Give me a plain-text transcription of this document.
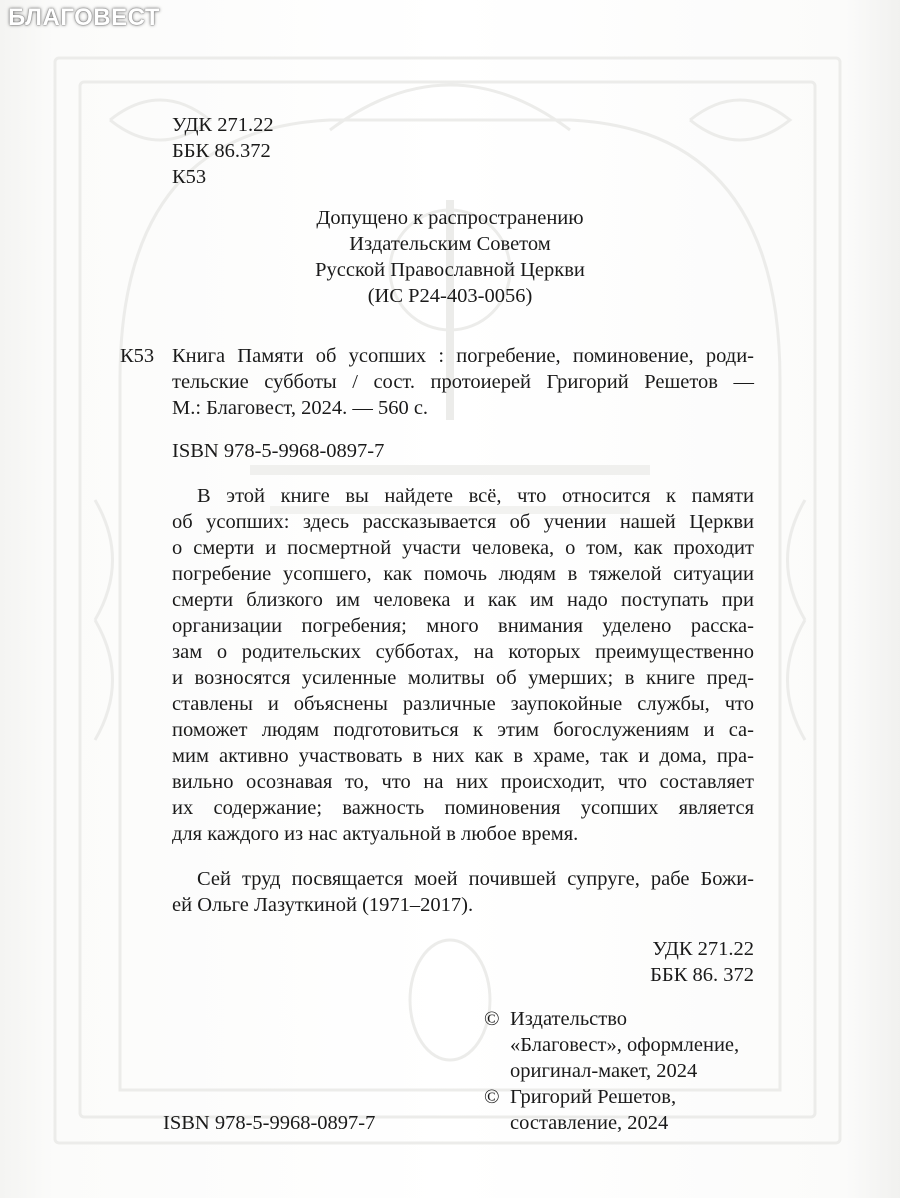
БЛАГОВЕСТ
УДК 271.22
ББК 86.372
К53
Допущено к распространению
Издательским Советом
Русской Православной Церкви
(ИС Р24-403-0056)
К53 Книга Памяти об усопших : погребение, поминовение, роди-
тельские субботы / сост. протоиерей Григорий Решетов —
М.: Благовест, 2024. — 560 с.
ISBN 978-5-9968-0897-7
В этой книге вы найдете всё, что относится к памяти
об усопших: здесь рассказывается об учении нашей Церкви
о смерти и посмертной участи человека, о том, как проходит
погребение усопшего, как помочь людям в тяжелой ситуации
смерти близкого им человека и как им надо поступать при
организации погребения; много внимания уделено расска-
зам о родительских субботах, на которых преимущественно
и возносятся усиленные молитвы об умерших; в книге пред-
ставлены и объяснены различные заупокойные службы, что
поможет людям подготовиться к этим богослужениям и са-
мим активно участвовать в них как в храме, так и дома, пра-
вильно осознавая то, что на них происходит, что составляет
их содержание; важность поминовения усопших является
для каждого из нас актуальной в любое время.
Сей труд посвящается моей почившей супруге, рабе Божи-
ей Ольге Лазуткиной (1971–2017).
УДК 271.22
ББК 86. 372
© Издательство
«Благовест», оформление,
оригинал-макет, 2024
© Григорий Решетов,
составление, 2024
ISBN 978-5-9968-0897-7
